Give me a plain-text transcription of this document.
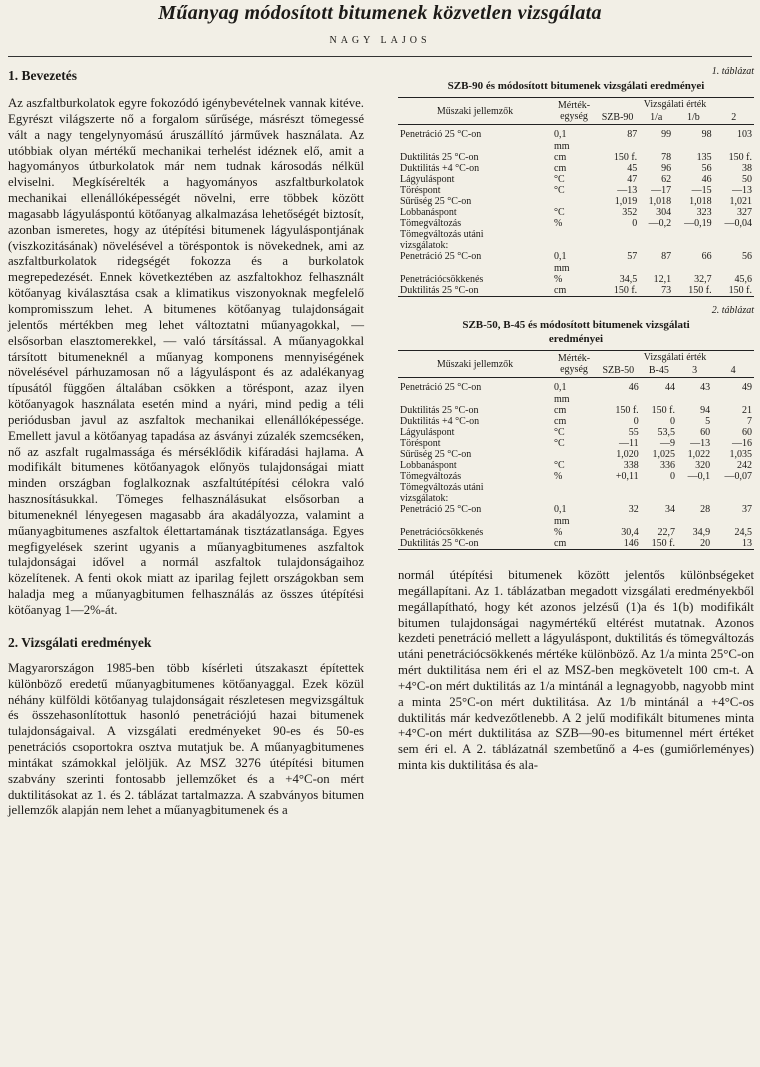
Műanyag módosított bitumenek közvetlen vizsgálata
NAGY LAJOS
1. Bevezetés

Az aszfaltburkolatok egyre fokozódó igénybevételnek vannak kitéve. Egyrészt világszerte nő a forgalom sűrűsége, másrészt tömegessé vált a nagy tengelynyomású áruszállító járművek használata. Az utóbbiak olyan mértékű mechanikai terhelést idéznek elő, amit a hagyományos útburkolatok már nem tudnak károsodás nélkül elviselni. Megkísérelték a hagyományos aszfaltburkolatok mechanikai ellenállóképességét növelni, erre többek között magasabb lágyuláspontú kötőanyag alkalmazása lehetőségét biztosít, azonban ismeretes, hogy az útépítési bitumenek lágyuláspontjának (viszkozitásának) növelésével a töréspontok is növekednek, ami az aszfaltburkolatok ridegségét fokozza és a burkolatok megrepedezését. Ennek következtében az aszfaltokhoz felhasznált kötőanyag kiválasztása csak a klimatikus viszonyoknak megfelelő kompromisszum lehet. A bitumenes kötőanyag tulajdonságait jelentős mértékben meg lehet változtatni műanyagokkal, — elsősorban elasztomerekkel, — való társítással. A műanyagokkal társított bitumeneknél a műanyag komponens mennyiségének növelésével párhuzamosan nő a lágyuláspont és az adalékanyag típusától függően általában csökken a töréspont, azaz ilyen kötőanyagok használata esetén mind a nyári, mind pedig a téli periódusban javul az aszfaltok mechanikai ellenállóképessége. Emellett javul a kötőanyag tapadása az ásványi zúzalék szemcséken, nő az aszfalt rugalmassága és mérséklődik kifáradási hajlama. A modifikált bitumenes kötőanyagok előnyös tulajdonságai miatt minden országban foglalkoznak aszfaltútépítési célokra való hasznosításukkal. Tömeges felhasználásukat elsősorban a bitumeneknél lényegesen magasabb ára akadályozza, valamint a műanyagbitumenes aszfaltok élettartamának tisztázatlansága. Egyes megfigyelések szerint ugyanis a műanyagbitumenes aszfaltok tulajdonságai idővel a normál aszfaltok tulajdonságaihoz közelítenek. A fenti okok miatt az iparilag fejlett országokban sem haladja meg a műanyagbitumen felhasználás az összes útépítési kötőanyag 1—2%-át.

2. Vizsgálati eredmények

Magyarországon 1985-ben több kísérleti útszakaszt építettek különböző eredetű műanyagbitumenes kötőanyaggal. Ezek közül néhány külföldi kötőanyag tulajdonságait részletesen megvizsgáltuk és összehasonlítottuk hasonló penetrációjú hazai bitumenek tulajdonságaival. A vizsgálati eredményeket 90-es és 50-es penetrációs csoportokra osztva mutatjuk be. A műanyagbitumenes mintákat számokkal jelöljük. Az MSZ 3276 útépítési bitumen szabvány szerinti fontosabb jellemzőket és a +4°C-on mért duktilitásokat az 1. és 2. táblázat tartalmazza. A szabványos bitumen jellemzők alapján nem lehet a műanyagbitumenek és a

1. táblázat
SZB-90 és módosított bitumenek vizsgálati eredményei
Műszaki jellemzők	Mérték-egység	Vizsgálati érték			
		SZB-90	1/a	1/b	2

Penetráció 25 °C-on	0,1	87	99	98	103
	mm				
Duktilitás 25 °C-on	cm	150 f.	78	135	150 f.
Duktilitás +4 °C-on	cm	45	96	56	38
Lágyuláspont	°C	47	62	46	50
Töréspont	°C	—13	—17	—15	—13
Sűrűség 25 °C-on		1,019	1,018	1,018	1,021
Lobbanáspont	°C	352	304	323	327
Tömegváltozás	%	0	—0,2	—0,19	—0,04
Tömegváltozás utáni					
vizsgálatok:					
Penetráció 25 °C-on	0,1	57	87	66	56
	mm				
Penetrációcsökkenés	%	34,5	12,1	32,7	45,6
Duktilitás 25 °C-on	cm	150 f.	73	150 f.	150 f.
2. táblázat
SZB-50, B-45 és módosított bitumenek vizsgálati eredményei
Műszaki jellemzők	Mérték-egység	Vizsgálati érték			
		SZB-50	B-45	3	4

Penetráció 25 °C-on	0,1	46	44	43	49
	mm				
Duktilitás 25 °C-on	cm	150 f.	150 f.	94	21
Duktilitás +4 °C-on	cm	0	0	5	7
Lágyuláspont	°C	55	53,5	60	60
Töréspont	°C	—11	—9	—13	—16
Sűrűség 25 °C-on		1,020	1,025	1,022	1,035
Lobbanáspont	°C	338	336	320	242
Tömegváltozás	%	+0,11	0	—0,1	—0,07
Tömegváltozás utáni					
vizsgálatok:					
Penetráció 25 °C-on	0,1	32	34	28	37
	mm				
Penetrációcsökkenés	%	30,4	22,7	34,9	24,5
Duktilitás 25 °C-on	cm	146	150 f.	20	13

normál útépítési bitumenek között jelentős különbségeket megállapítani. Az 1. táblázatban megadott vizsgálati eredményekből megállapítható, hogy két azonos jelzésű (1)a és 1(b) modifikált bitumen tulajdonságai nagymértékű eltérést mutatnak. Azonos kezdeti penetráció mellett a lágyuláspont, duktilitás és tömegváltozás utáni penetrációcsökkenés mértéke különböző. Az 1/a minta 25°C-on mért duktilitása nem éri el az MSZ-ben megkövetelt 100 cm-t. A +4°C-on mért duktilitás az 1/a mintánál a legnagyobb, nagyobb mint a minta 25°C-on mért duktilitása. Az 1/b mintánál a +4°C-os duktilitás már kedvezőtlenebb. A 2 jelű modifikált bitumenes minta +4°C-on mért duktilitása az SZB—90-es bitumennel mért értéket sem éri el. A 2. táblázatnál szembetűnő a 4-es (gumiőrleményes) minta kis duktilitása és ala-
